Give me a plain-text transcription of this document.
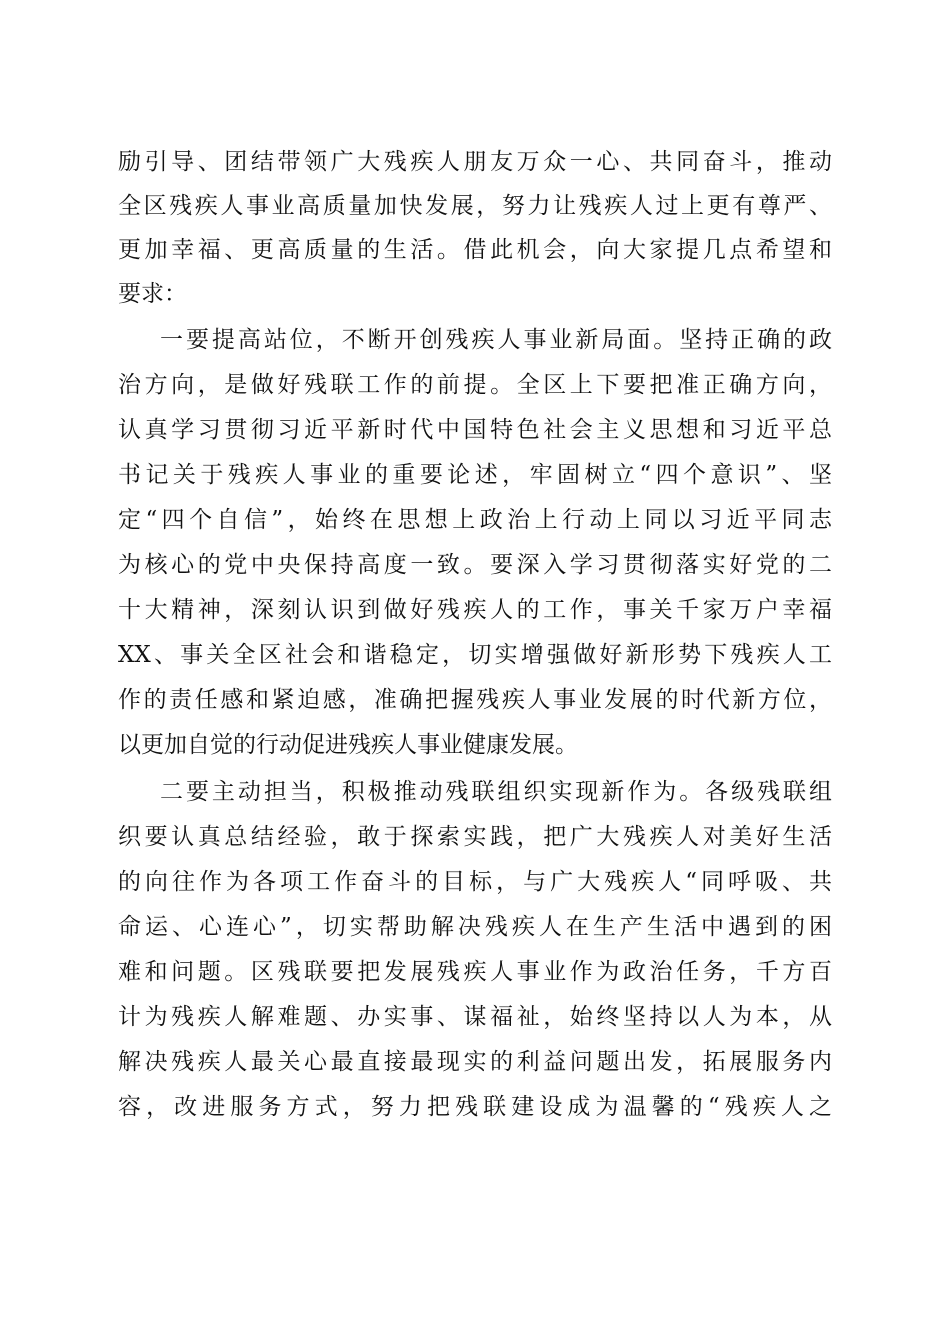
励引导、团结带领广大残疾人朋友万众一心、共同奋斗，推动
全区残疾人事业高质量加快发展，努力让残疾人过上更有尊严、
更加幸福、更高质量的生活。借此机会，向大家提几点希望和
要求：
一要提高站位，不断开创残疾人事业新局面。坚持正确的政
治方向，是做好残联工作的前提。全区上下要把准正确方向，
认真学习贯彻习近平新时代中国特色社会主义思想和习近平总
书记关于残疾人事业的重要论述，牢固树立“四个意识”、坚
定“四个自信”，始终在思想上政治上行动上同以习近平同志
为核心的党中央保持高度一致。要深入学习贯彻落实好党的二
十大精神，深刻认识到做好残疾人的工作，事关千家万户幸福
XX、事关全区社会和谐稳定，切实增强做好新形势下残疾人工
作的责任感和紧迫感，准确把握残疾人事业发展的时代新方位，
以更加自觉的行动促进残疾人事业健康发展。
二要主动担当，积极推动残联组织实现新作为。各级残联组
织要认真总结经验，敢于探索实践，把广大残疾人对美好生活
的向往作为各项工作奋斗的目标，与广大残疾人“同呼吸、共
命运、心连心”，切实帮助解决残疾人在生产生活中遇到的困
难和问题。区残联要把发展残疾人事业作为政治任务，千方百
计为残疾人解难题、办实事、谋福祉，始终坚持以人为本，从
解决残疾人最关心最直接最现实的利益问题出发，拓展服务内
容，改进服务方式，努力把残联建设成为温馨的“残疾人之
